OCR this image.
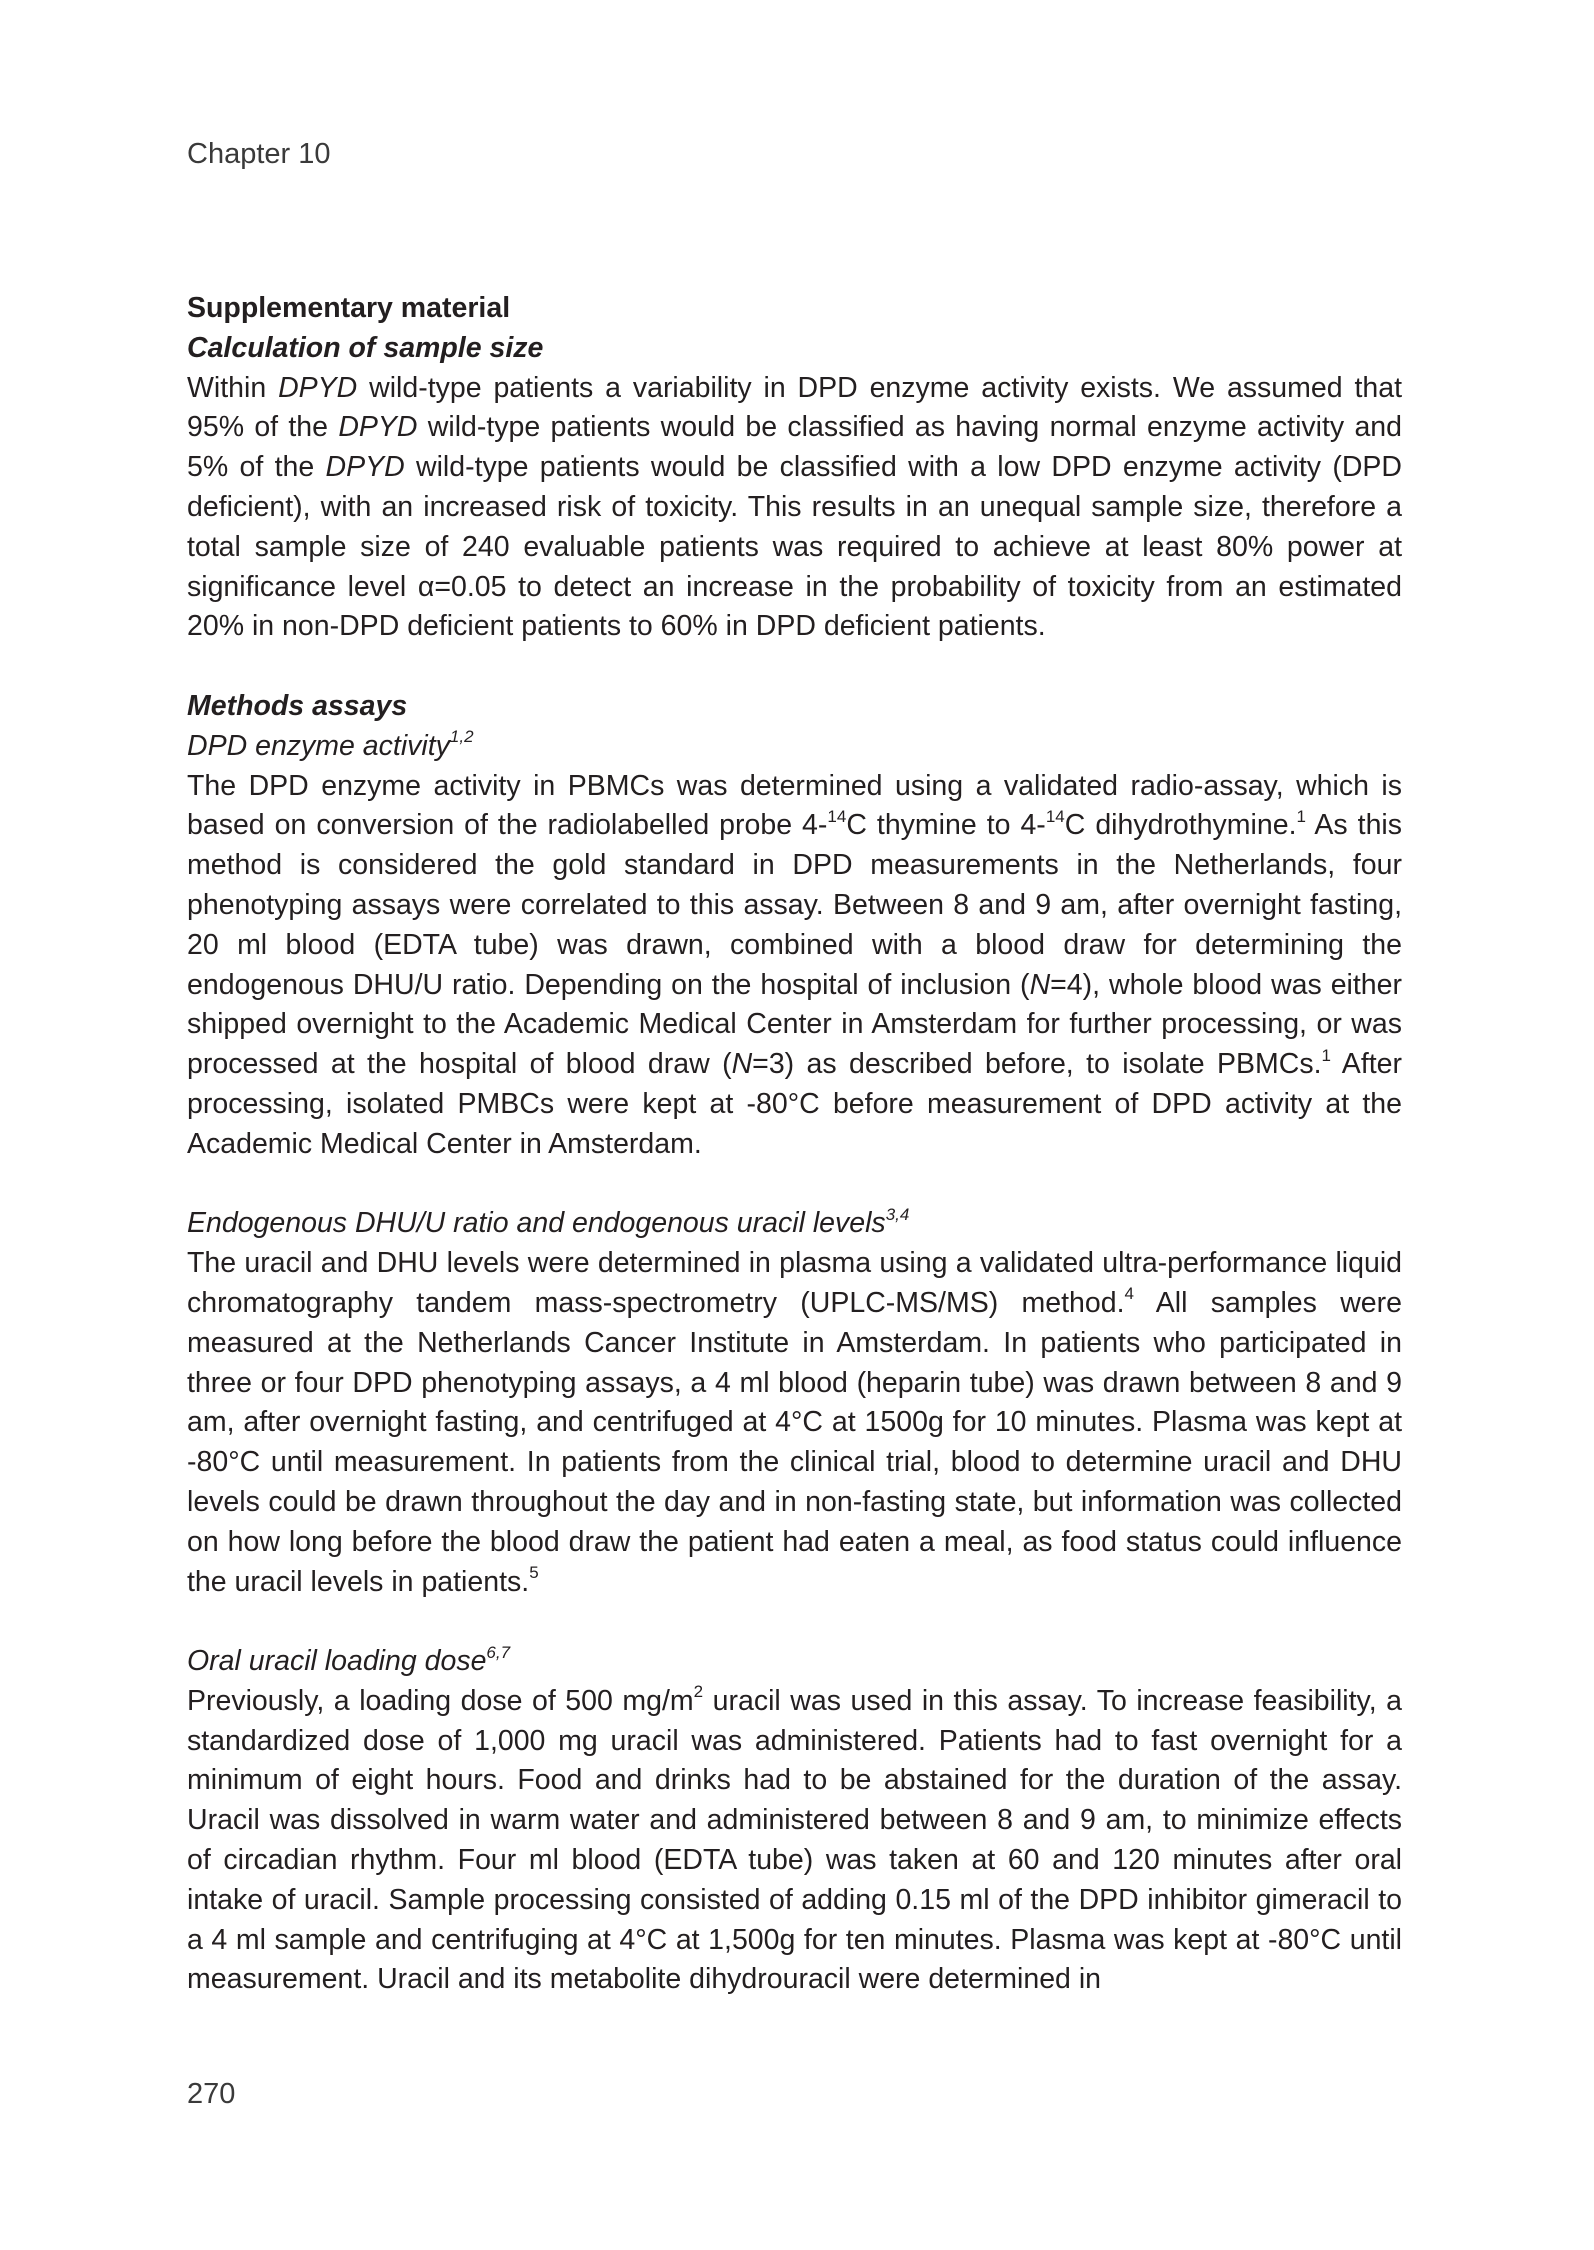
Chapter 10
Supplementary material
Calculation of sample size

Within DPYD wild-type patients a variability in DPD enzyme activity exists. We assumed that 95% of the DPYD wild-type patients would be classified as having normal enzyme activity and 5% of the DPYD wild-type patients would be classified with a low DPD enzyme activity (DPD deficient), with an increased risk of toxicity. This results in an unequal sample size, therefore a total sample size of 240 evaluable patients was required to achieve at least 80% power at significance level α=0.05 to detect an increase in the probability of toxicity from an estimated 20% in non-DPD deficient patients to 60% in DPD deficient patients.

Methods assays
DPD enzyme activity$^{1,2}$

The DPD enzyme activity in PBMCs was determined using a validated radio-assay, which is based on conversion of the radiolabelled probe 4-$^{14}$C thymine to 4-$^{14}$C dihydrothymine.$^1$ As this method is considered the gold standard in DPD measurements in the Netherlands, four phenotyping assays were correlated to this assay. Between 8 and 9 am, after overnight fasting, 20 ml blood (EDTA tube) was drawn, combined with a blood draw for determining the endogenous DHU/U ratio. Depending on the hospital of inclusion (N=4), whole blood was either shipped overnight to the Academic Medical Center in Amsterdam for further processing, or was processed at the hospital of blood draw (N=3) as described before, to isolate PBMCs.$^1$ After processing, isolated PMBCs were kept at -80°C before measurement of DPD activity at the Academic Medical Center in Amsterdam.

Endogenous DHU/U ratio and endogenous uracil levels$^{3,4}$

The uracil and DHU levels were determined in plasma using a validated ultra-performance liquid chromatography tandem mass-spectrometry (UPLC-MS/MS) method.$^4$ All samples were measured at the Netherlands Cancer Institute in Amsterdam. In patients who participated in three or four DPD phenotyping assays, a 4 ml blood (heparin tube) was drawn between 8 and 9 am, after overnight fasting, and centrifuged at 4°C at 1500g for 10 minutes. Plasma was kept at -80°C until measurement. In patients from the clinical trial, blood to determine uracil and DHU levels could be drawn throughout the day and in non-fasting state, but information was collected on how long before the blood draw the patient had eaten a meal, as food status could influence the uracil levels in patients.$^5$

Oral uracil loading dose$^{6,7}$

Previously, a loading dose of 500 $mg/m^2$ uracil was used in this assay. To increase feasibility, a standardized dose of 1,000 mg uracil was administered. Patients had to fast overnight for a minimum of eight hours. Food and drinks had to be abstained for the duration of the assay. Uracil was dissolved in warm water and administered between 8 and 9 am, to minimize effects of circadian rhythm. Four ml blood (EDTA tube) was taken at 60 and 120 minutes after oral intake of uracil. Sample processing consisted of adding 0.15 ml of the DPD inhibitor gimeracil to a 4 ml sample and centrifuging at 4°C at 1,500g for ten minutes. Plasma was kept at -80°C until measurement. Uracil and its metabolite dihydrouracil were determined in

270
